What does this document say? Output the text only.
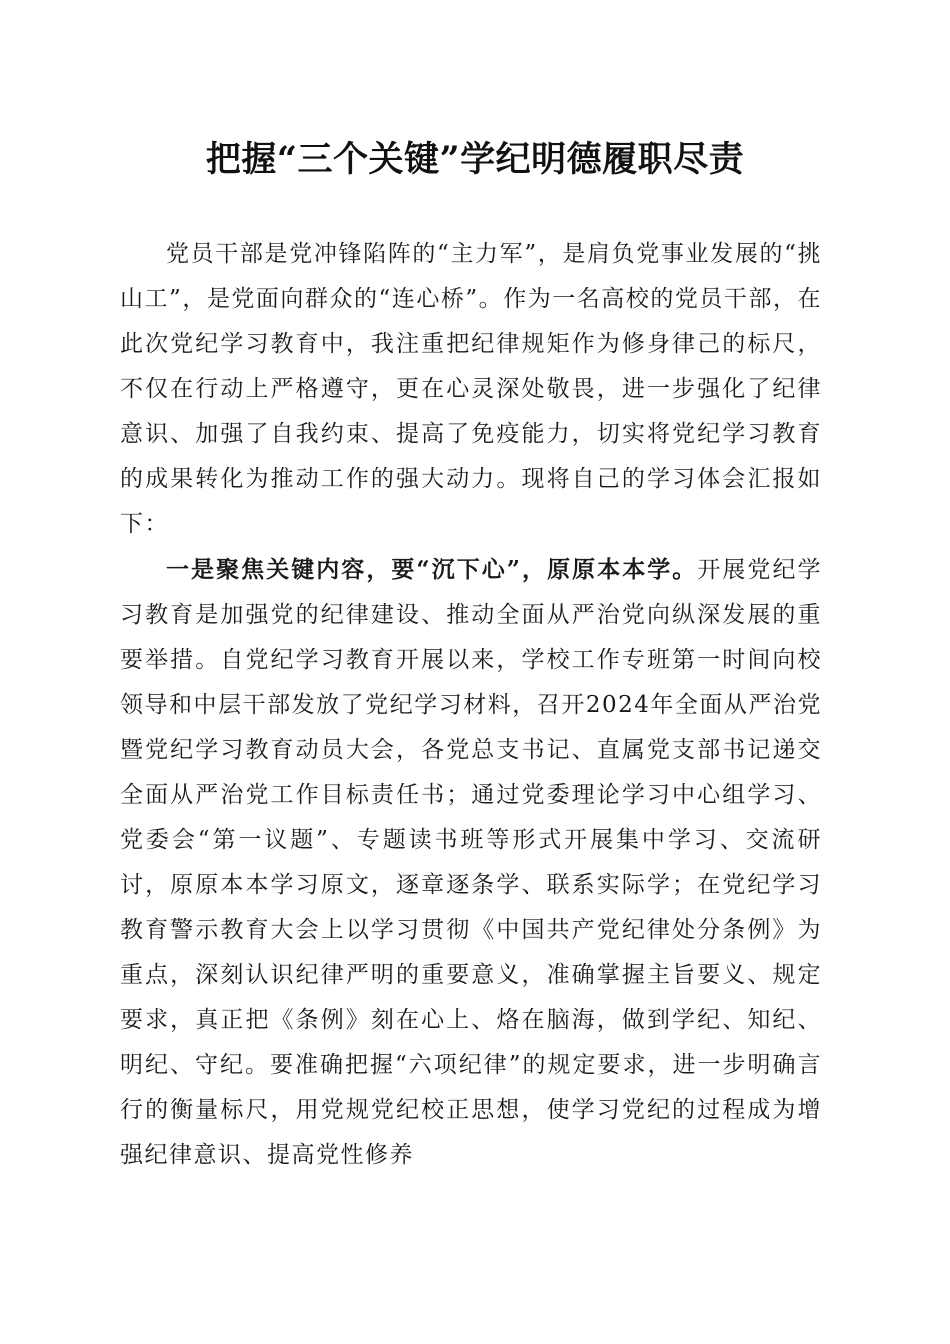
把握“三个关键”学纪明德履职尽责

党员干部是党冲锋陷阵的“主力军”，是肩负党事业发展的“挑山工”，是党面向群众的“连心桥”。作为一名高校的党员干部，在此次党纪学习教育中，我注重把纪律规矩作为修身律己的标尺，不仅在行动上严格遵守，更在心灵深处敬畏，进一步强化了纪律意识、加强了自我约束、提高了免疫能力，切实将党纪学习教育的成果转化为推动工作的强大动力。现将自己的学习体会汇报如下：

一是聚焦关键内容，要“沉下心”，原原本本学。开展党纪学习教育是加强党的纪律建设、推动全面从严治党向纵深发展的重要举措。自党纪学习教育开展以来，学校工作专班第一时间向校领导和中层干部发放了党纪学习材料，召开2024年全面从严治党暨党纪学习教育动员大会，各党总支书记、直属党支部书记递交全面从严治党工作目标责任书；通过党委理论学习中心组学习、党委会“第一议题”、专题读书班等形式开展集中学习、交流研讨，原原本本学习原文，逐章逐条学、联系实际学；在党纪学习教育警示教育大会上以学习贯彻《中国共产党纪律处分条例》为重点，深刻认识纪律严明的重要意义，准确掌握主旨要义、规定要求，真正把《条例》刻在心上、烙在脑海，做到学纪、知纪、明纪、守纪。要准确把握“六项纪律”的规定要求，进一步明确言行的衡量标尺，用党规党纪校正思想，使学习党纪的过程成为增强纪律意识、提高党性修养
